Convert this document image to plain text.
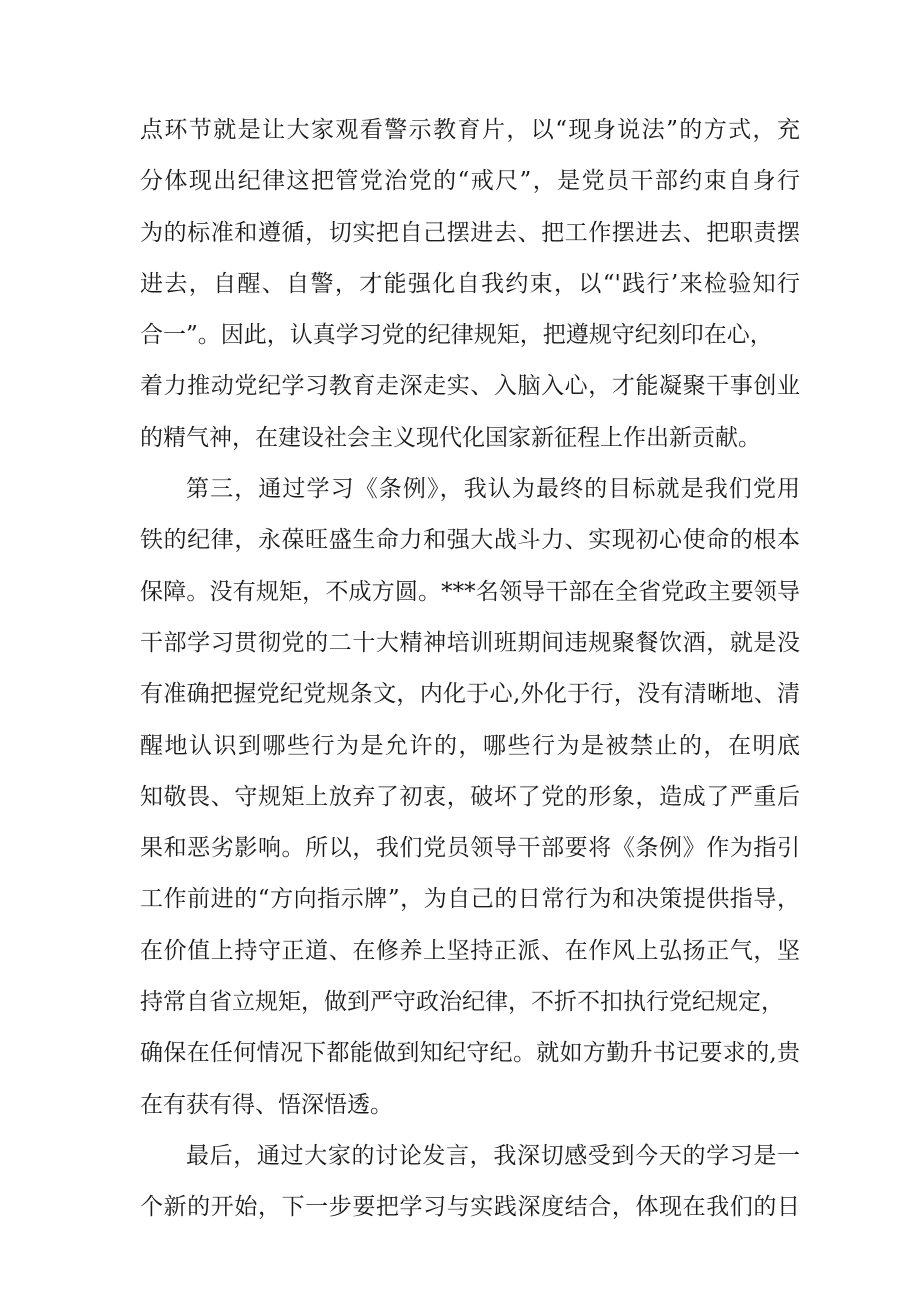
点环节就是让大家观看警示教育片，以“现身说法”的方式，充
分体现出纪律这把管党治党的“戒尺”，是党员干部约束自身行
为的标准和遵循，切实把自己摆进去、把工作摆进去、把职责摆
进去，自醒、自警，才能强化自我约束，以“'践行’来检验知行
合一”。因此，认真学习党的纪律规矩，把遵规守纪刻印在心，
着力推动党纪学习教育走深走实、入脑入心，才能凝聚干事创业
的精气神，在建设社会主义现代化国家新征程上作出新贡献。
第三，通过学习《条例》，我认为最终的目标就是我们党用
铁的纪律，永葆旺盛生命力和强大战斗力、实现初心使命的根本
保障。没有规矩，不成方圆。***名领导干部在全省党政主要领导
干部学习贯彻党的二十大精神培训班期间违规聚餐饮酒，就是没
有准确把握党纪党规条文，内化于心,外化于行，没有清晰地、清
醒地认识到哪些行为是允许的，哪些行为是被禁止的，在明底
知敬畏、守规矩上放弃了初衷，破坏了党的形象，造成了严重后
果和恶劣影响。所以，我们党员领导干部要将《条例》作为指引
工作前进的“方向指示牌”，为自己的日常行为和决策提供指导，
在价值上持守正道、在修养上坚持正派、在作风上弘扬正气，坚
持常自省立规矩，做到严守政治纪律，不折不扣执行党纪规定，
确保在任何情况下都能做到知纪守纪。就如方勤升书记要求的,贵
在有获有得、悟深悟透。
最后，通过大家的讨论发言，我深切感受到今天的学习是一
个新的开始，下一步要把学习与实践深度结合，体现在我们的日
